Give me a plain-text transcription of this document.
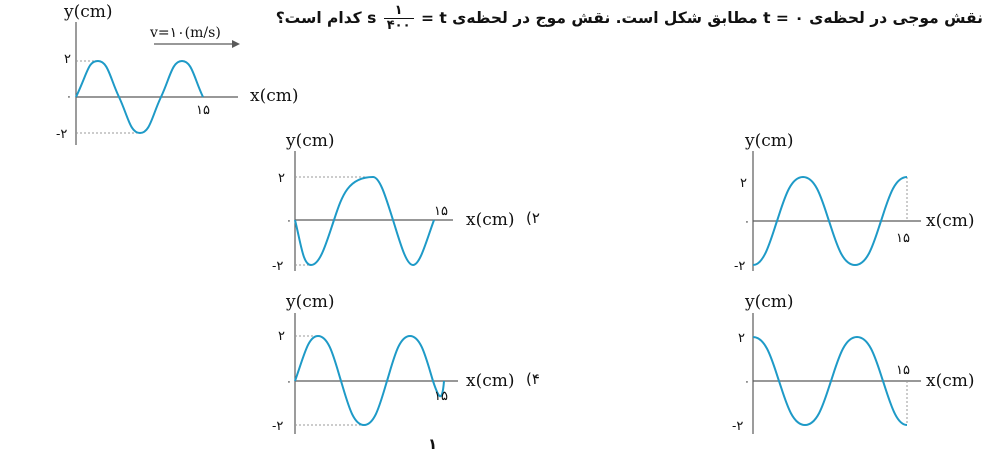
نقش موجی در لحظه‌ی ۰ = t مطابق شکل است. نقش موج در لحظه‌ی s
$\frac{۱}{۴۰۰}$
= t کدام است؟
y(cm)
۲
۰
-۲
۱۵
v=۱۰(m/s)
x(cm)
y(cm)
۲
۰
-۲
۱۵ x(cm) (۲
y(cm)
۲
۰
-۲
۱۵
x(cm)
y(cm)
۲
۰
-۲
۱۵
x(cm) (۴
y(cm)
۲
۰
-۲
۱۵
x(cm)
۱
